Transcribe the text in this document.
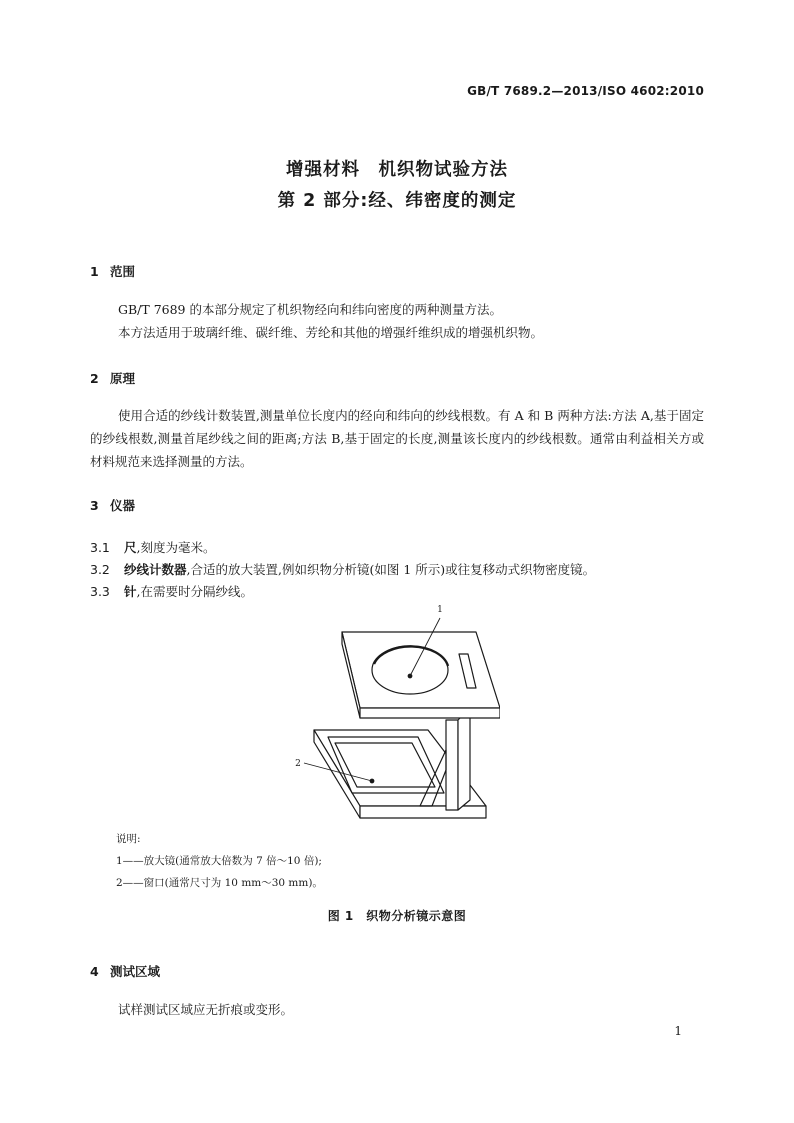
GB/T 7689.2—2013/ISO 4602:2010
增强材料　机织物试验方法
第 2 部分:经、纬密度的测定
1 范围
GB/T 7689 的本部分规定了机织物经向和纬向密度的两种测量方法。
本方法适用于玻璃纤维、碳纤维、芳纶和其他的增强纤维织成的增强机织物。
2 原理
使用合适的纱线计数装置,测量单位长度内的经向和纬向的纱线根数。有 A 和 B 两种方法:方法 A,基于固定的纱线根数,测量首尾纱线之间的距离;方法 B,基于固定的长度,测量该长度内的纱线根数。通常由利益相关方或材料规范来选择测量的方法。
3 仪器
3.1 尺,刻度为毫米。
3.2 纱线计数器,合适的放大装置,例如织物分析镜(如图 1 所示)或往复移动式织物密度镜。
3.3 针,在需要时分隔纱线。
1
2
说明:
1——放大镜(通常放大倍数为 7 倍～10 倍);
2——窗口(通常尺寸为 10 mm～30 mm)。
图 1　织物分析镜示意图
4 测试区域
试样测试区域应无折痕或变形。
1
